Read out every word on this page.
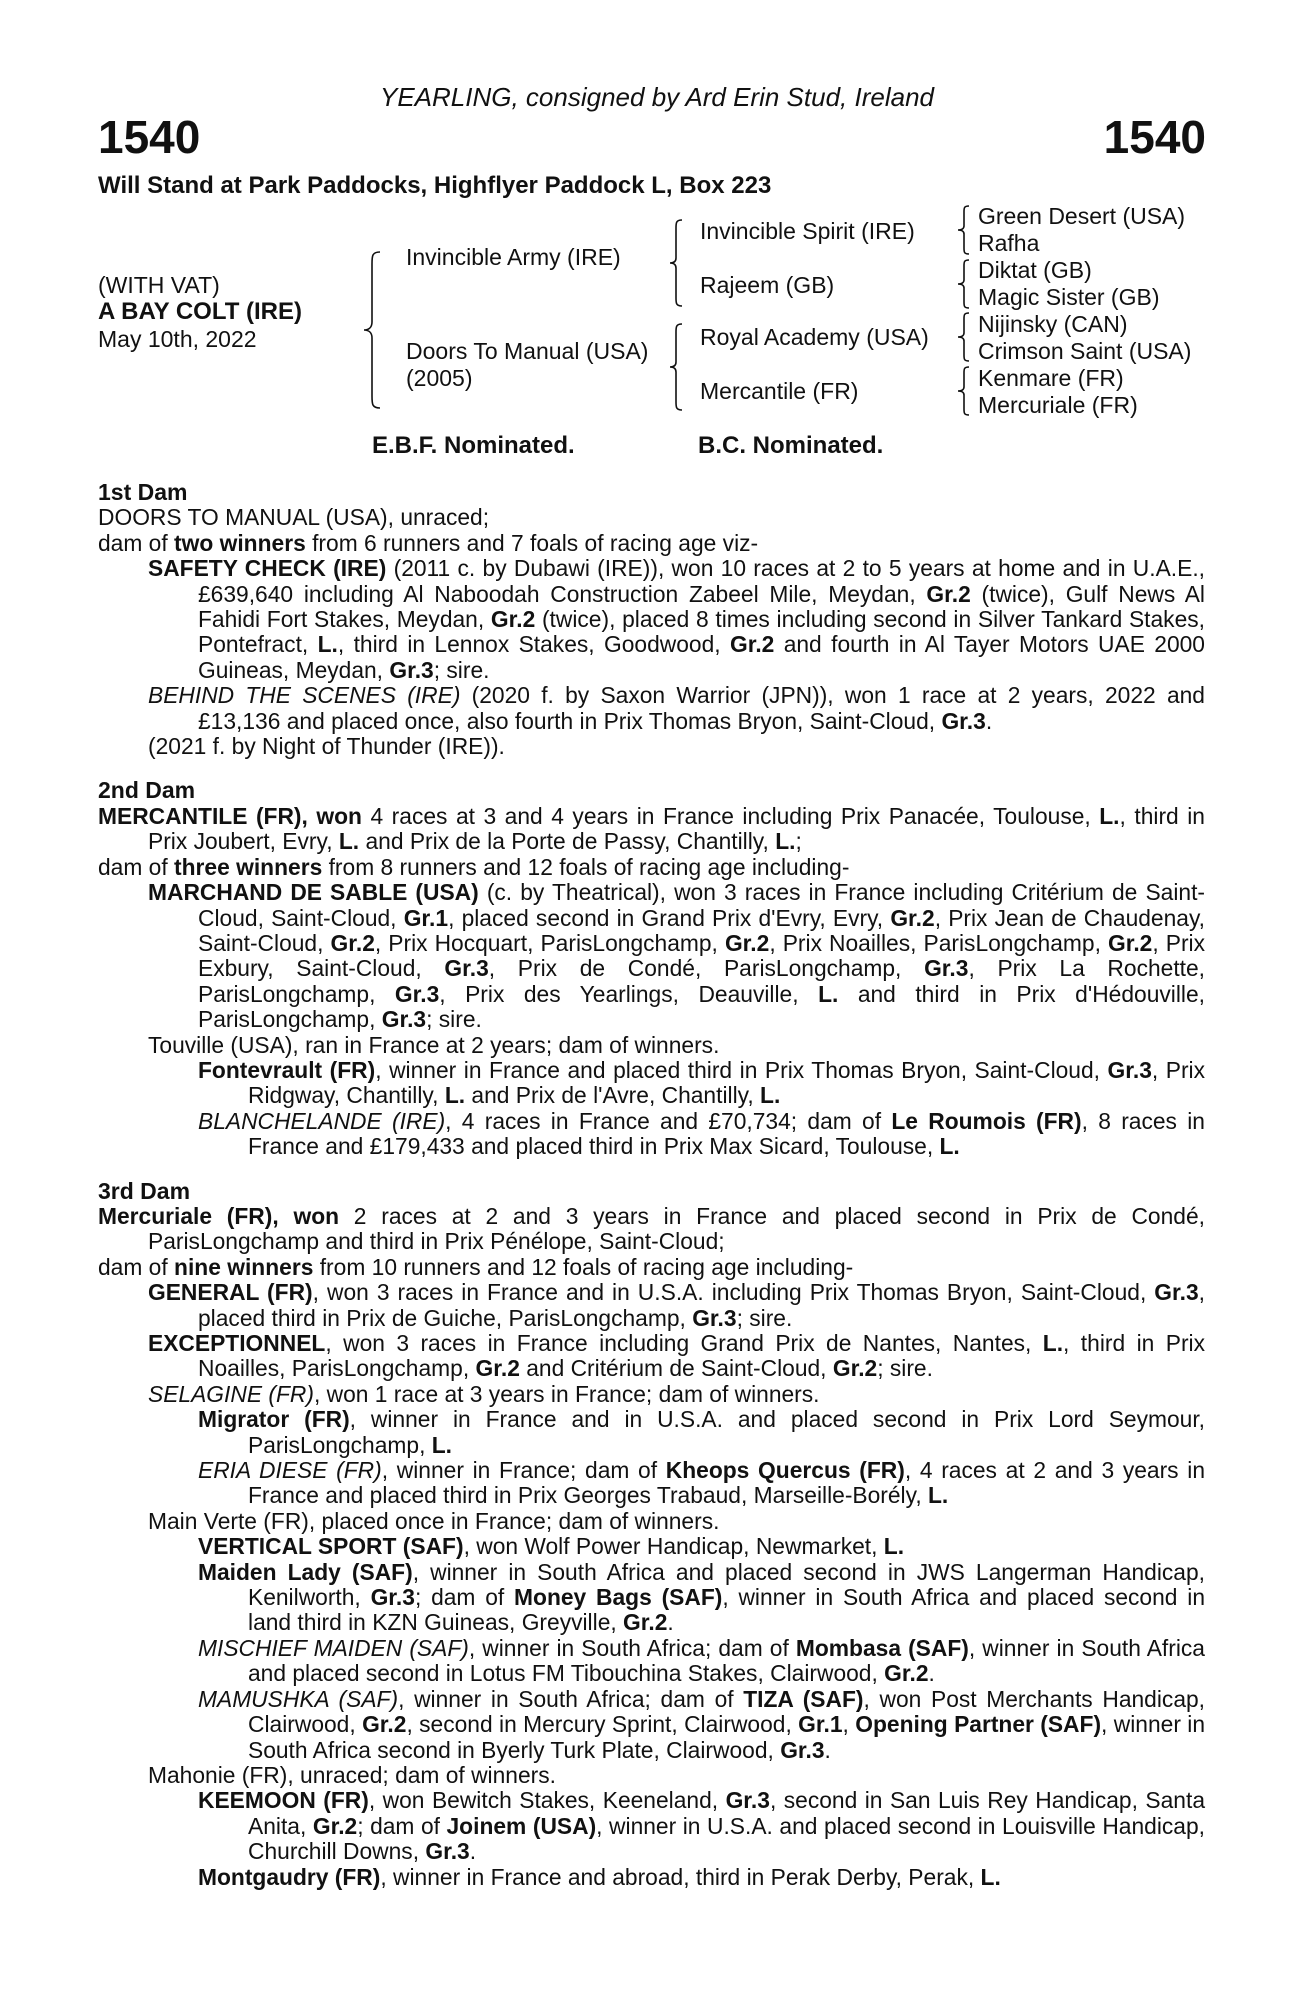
YEARLING, consigned by Ard Erin Stud, Ireland
1540	1540
Will Stand at Park Paddocks, Highflyer Paddock L, Box 223
(WITH VAT)
A BAY COLT (IRE)
May 10th, 2022
Invincible Army (IRE)
Doors To Manual (USA)
(2005)
Invincible Spirit (IRE)
Rajeem (GB)
Royal Academy (USA)
Mercantile (FR)
Green Desert (USA)
Rafha
Diktat (GB)
Magic Sister (GB)
Nijinsky (CAN)
Crimson Saint (USA)
Kenmare (FR)
Mercuriale (FR)
E.B.F. Nominated.	B.C. Nominated.
1st Dam
DOORS TO MANUAL (USA), unraced;
dam of two winners from 6 runners and 7 foals of racing age viz-
SAFETY CHECK (IRE) (2011 c. by Dubawi (IRE)), won 10 races at 2 to 5 years at home and in U.A.E., £639,640 including Al Naboodah Construction Zabeel Mile, Meydan, Gr.2 (twice), Gulf News Al Fahidi Fort Stakes, Meydan, Gr.2 (twice), placed 8 times including second in Silver Tankard Stakes, Pontefract, L., third in Lennox Stakes, Goodwood, Gr.2 and fourth in Al Tayer Motors UAE 2000 Guineas, Meydan, Gr.3; sire.
BEHIND THE SCENES (IRE) (2020 f. by Saxon Warrior (JPN)), won 1 race at 2 years, 2022 and £13,136 and placed once, also fourth in Prix Thomas Bryon, Saint-Cloud, Gr.3.
(2021 f. by Night of Thunder (IRE)).
2nd Dam
MERCANTILE (FR), won 4 races at 3 and 4 years in France including Prix Panacée, Toulouse, L., third in Prix Joubert, Evry, L. and Prix de la Porte de Passy, Chantilly, L.;
dam of three winners from 8 runners and 12 foals of racing age including-
MARCHAND DE SABLE (USA) (c. by Theatrical), won 3 races in France including Critérium de Saint-Cloud, Saint-Cloud, Gr.1, placed second in Grand Prix d'Evry, Evry, Gr.2, Prix Jean de Chaudenay, Saint-Cloud, Gr.2, Prix Hocquart, ParisLongchamp, Gr.2, Prix Noailles, ParisLongchamp, Gr.2, Prix Exbury, Saint-Cloud, Gr.3, Prix de Condé, ParisLongchamp, Gr.3, Prix La Rochette, ParisLongchamp, Gr.3, Prix des Yearlings, Deauville, L. and third in Prix d'Hédouville, ParisLongchamp, Gr.3; sire.
Touville (USA), ran in France at 2 years; dam of winners.
Fontevrault (FR), winner in France and placed third in Prix Thomas Bryon, Saint-Cloud, Gr.3, Prix Ridgway, Chantilly, L. and Prix de l'Avre, Chantilly, L.
BLANCHELANDE (IRE), 4 races in France and £70,734; dam of Le Roumois (FR), 8 races in France and £179,433 and placed third in Prix Max Sicard, Toulouse, L.
3rd Dam
Mercuriale (FR), won 2 races at 2 and 3 years in France and placed second in Prix de Condé, ParisLongchamp and third in Prix Pénélope, Saint-Cloud;
dam of nine winners from 10 runners and 12 foals of racing age including-
GENERAL (FR), won 3 races in France and in U.S.A. including Prix Thomas Bryon, Saint-Cloud, Gr.3, placed third in Prix de Guiche, ParisLongchamp, Gr.3; sire.
EXCEPTIONNEL, won 3 races in France including Grand Prix de Nantes, Nantes, L., third in Prix Noailles, ParisLongchamp, Gr.2 and Critérium de Saint-Cloud, Gr.2; sire.
SELAGINE (FR), won 1 race at 3 years in France; dam of winners.
Migrator (FR), winner in France and in U.S.A. and placed second in Prix Lord Seymour, ParisLongchamp, L.
ERIA DIESE (FR), winner in France; dam of Kheops Quercus (FR), 4 races at 2 and 3 years in France and placed third in Prix Georges Trabaud, Marseille-Borély, L.
Main Verte (FR), placed once in France; dam of winners.
VERTICAL SPORT (SAF), won Wolf Power Handicap, Newmarket, L.
Maiden Lady (SAF), winner in South Africa and placed second in JWS Langerman Handicap, Kenilworth, Gr.3; dam of Money Bags (SAF), winner in South Africa and placed second in land third in KZN Guineas, Greyville, Gr.2.
MISCHIEF MAIDEN (SAF), winner in South Africa; dam of Mombasa (SAF), winner in South Africa and placed second in Lotus FM Tibouchina Stakes, Clairwood, Gr.2.
MAMUSHKA (SAF), winner in South Africa; dam of TIZA (SAF), won Post Merchants Handicap, Clairwood, Gr.2, second in Mercury Sprint, Clairwood, Gr.1, Opening Partner (SAF), winner in South Africa second in Byerly Turk Plate, Clairwood, Gr.3.
Mahonie (FR), unraced; dam of winners.
KEEMOON (FR), won Bewitch Stakes, Keeneland, Gr.3, second in San Luis Rey Handicap, Santa Anita, Gr.2; dam of Joinem (USA), winner in U.S.A. and placed second in Louisville Handicap, Churchill Downs, Gr.3.
Montgaudry (FR), winner in France and abroad, third in Perak Derby, Perak, L.
